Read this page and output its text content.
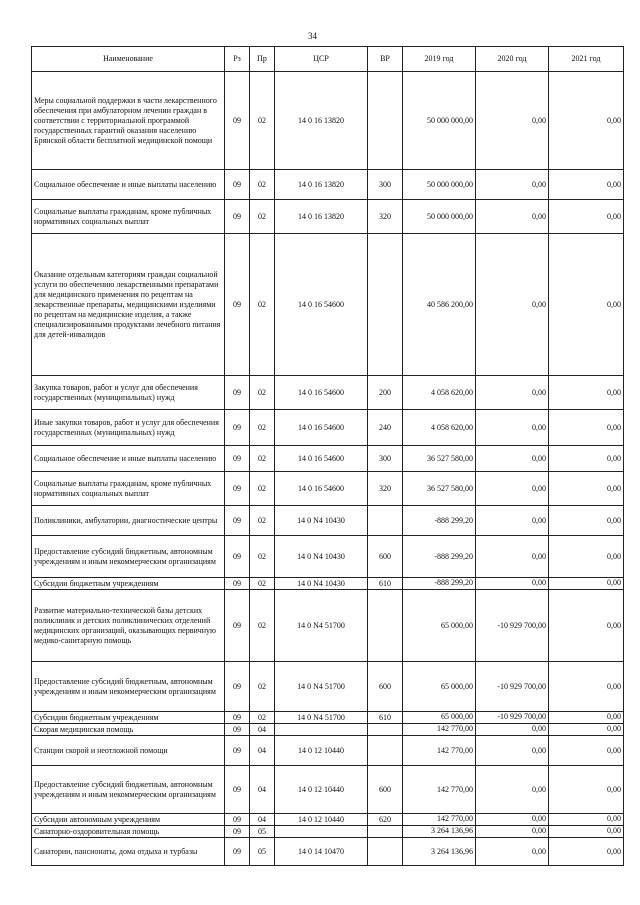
34
Наименование	Рз	Пр	ЦСР	ВР	2019 год	2020 год	2021 год
Меры социальной поддержки в части лекарственного обеспечения при амбулаторном лечении граждан в соответствии с территориальной программой государственных гарантий оказания населению Брянской области бесплатной медицинской помощи	09	02	14 0 16 13820		50 000 000,00	0,00	0,00
Социальное обеспечение и иные выплаты населению	09	02	14 0 16 13820	300	50 000 000,00	0,00	0,00
Социальные выплаты гражданам, кроме публичных нормативных социальных выплат	09	02	14 0 16 13820	320	50 000 000,00	0,00	0,00
Оказание отдельным категориям граждан социальной услуги по обеспечению лекарственными препаратами для медицинского применения по рецептам на лекарственные препараты, медицинскими изделиями по рецептам на медицинские изделия, а также специализированными продуктами лечебного питания для детей-инвалидов	09	02	14 0 16 54600		40 586 200,00	0,00	0,00
Закупка товаров, работ и услуг для обеспечения государственных (муниципальных) нужд	09	02	14 0 16 54600	200	4 058 620,00	0,00	0,00
Иные закупки товаров, работ и услуг для обеспечения государственных (муниципальных) нужд	09	02	14 0 16 54600	240	4 058 620,00	0,00	0,00
Социальное обеспечение и иные выплаты населению	09	02	14 0 16 54600	300	36 527 580,00	0,00	0,00
Социальные выплаты гражданам, кроме публичных нормативных социальных выплат	09	02	14 0 16 54600	320	36 527 580,00	0,00	0,00
Поликлиники, амбулатории, диагностические центры	09	02	14 0 N4 10430		-888 299,20	0,00	0,00
Предоставление субсидий бюджетным, автономным учреждениям и иным некоммерческим организациям	09	02	14 0 N4 10430	600	-888 299,20	0,00	0,00
Субсидии бюджетным учреждениям	09	02	14 0 N4 10430	610	-888 299,20	0,00	0,00
Развитие материально-технической базы детских поликлиник и детских поликлинических отделений медицинских организаций, оказывающих первичную медико-санитарную помощь	09	02	14 0 N4 51700		65 000,00	-10 929 700,00	0,00
Предоставление субсидий бюджетным, автономным учреждениям и иным некоммерческим организациям	09	02	14 0 N4 51700	600	65 000,00	-10 929 700,00	0,00
Субсидии бюджетным учреждениям	09	02	14 0 N4 51700	610	65 000,00	-10 929 700,00	0,00
Скорая медицинская помощь	09	04			142 770,00	0,00	0,00
Станции скорой и неотложной помощи	09	04	14 0 12 10440		142 770,00	0,00	0,00
Предоставление субсидий бюджетным, автономным учреждениям и иным некоммерческим организациям	09	04	14 0 12 10440	600	142 770,00	0,00	0,00
Субсидии автономным учреждениям	09	04	14 0 12 10440	620	142 770,00	0,00	0,00
Санаторно-оздоровительная помощь	09	05			3 264 136,96	0,00	0,00
Санатории, пансионаты, дома отдыха и турбазы	09	05	14 0 14 10470		3 264 136,96	0,00	0,00
